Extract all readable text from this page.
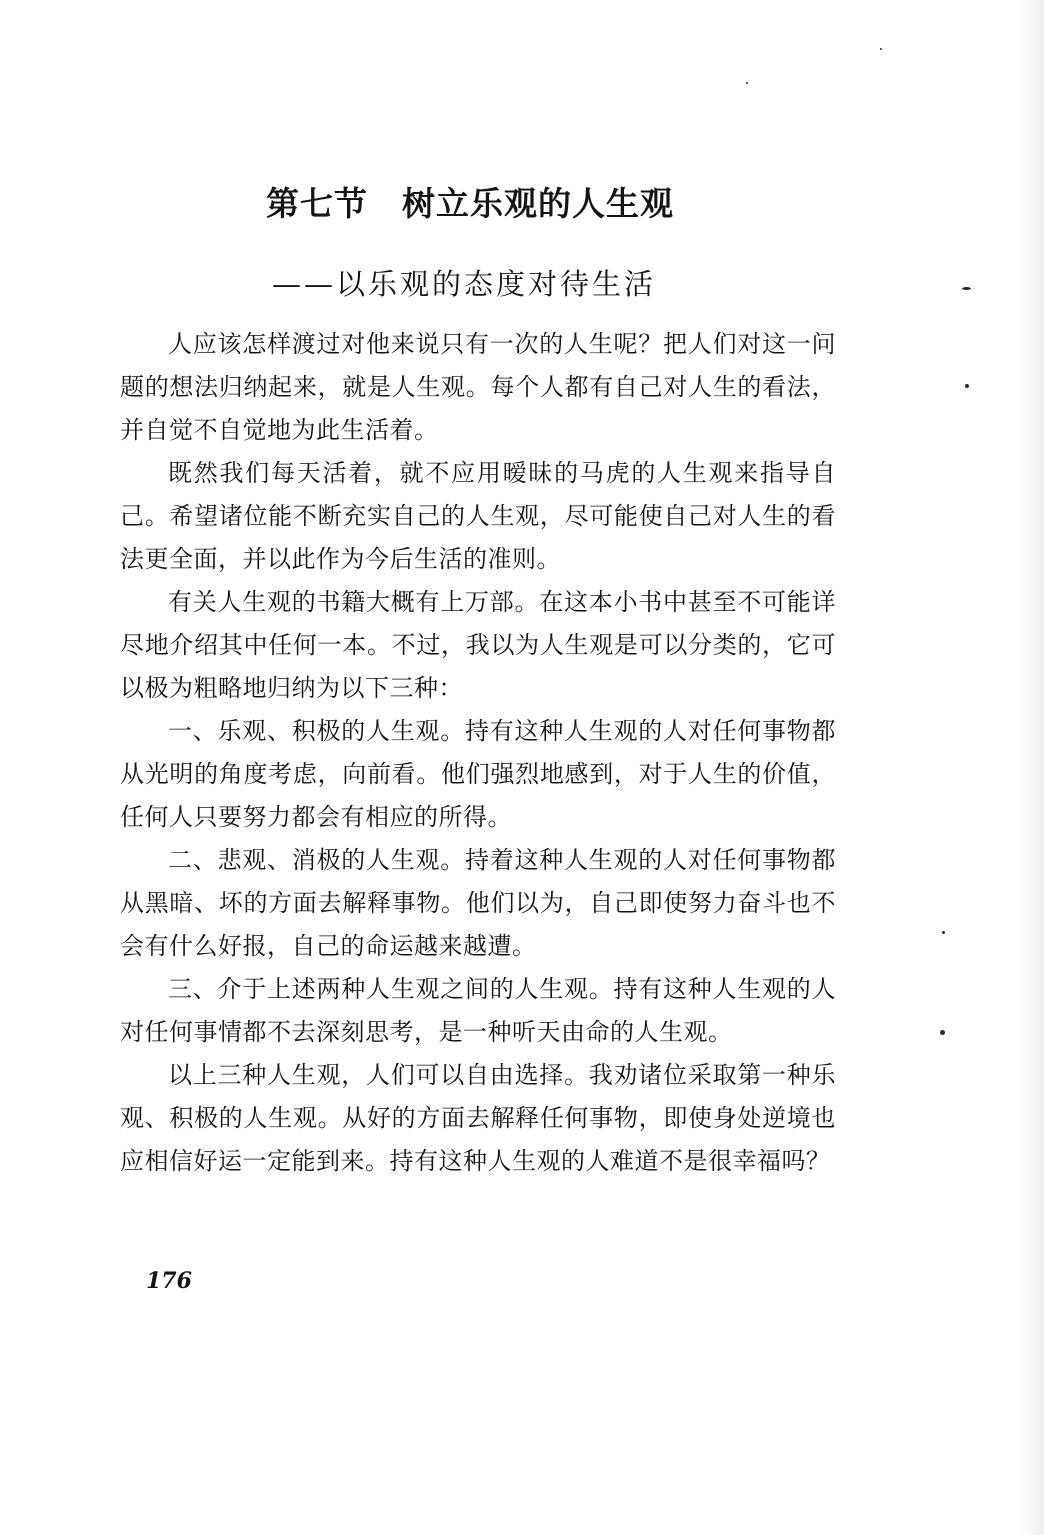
第七节　树立乐观的人生观
——以乐观的态度对待生活

人应该怎样渡过对他来说只有一次的人生呢？把人们对这一问题的想法归纳起来，就是人生观。每个人都有自己对人生的看法，并自觉不自觉地为此生活着。

既然我们每天活着，就不应用暧昧的马虎的人生观来指导自己。希望诸位能不断充实自己的人生观，尽可能使自己对人生的看法更全面，并以此作为今后生活的准则。

有关人生观的书籍大概有上万部。在这本小书中甚至不可能详尽地介绍其中任何一本。不过，我以为人生观是可以分类的，它可以极为粗略地归纳为以下三种：

一、乐观、积极的人生观。持有这种人生观的人对任何事物都从光明的角度考虑，向前看。他们强烈地感到，对于人生的价值，任何人只要努力都会有相应的所得。

二、悲观、消极的人生观。持着这种人生观的人对任何事物都从黑暗、坏的方面去解释事物。他们以为，自己即使努力奋斗也不会有什么好报，自己的命运越来越遭。

三、介于上述两种人生观之间的人生观。持有这种人生观的人对任何事情都不去深刻思考，是一种听天由命的人生观。

以上三种人生观，人们可以自由选择。我劝诸位采取第一种乐观、积极的人生观。从好的方面去解释任何事物，即使身处逆境也应相信好运一定能到来。持有这种人生观的人难道不是很幸福吗？

176
